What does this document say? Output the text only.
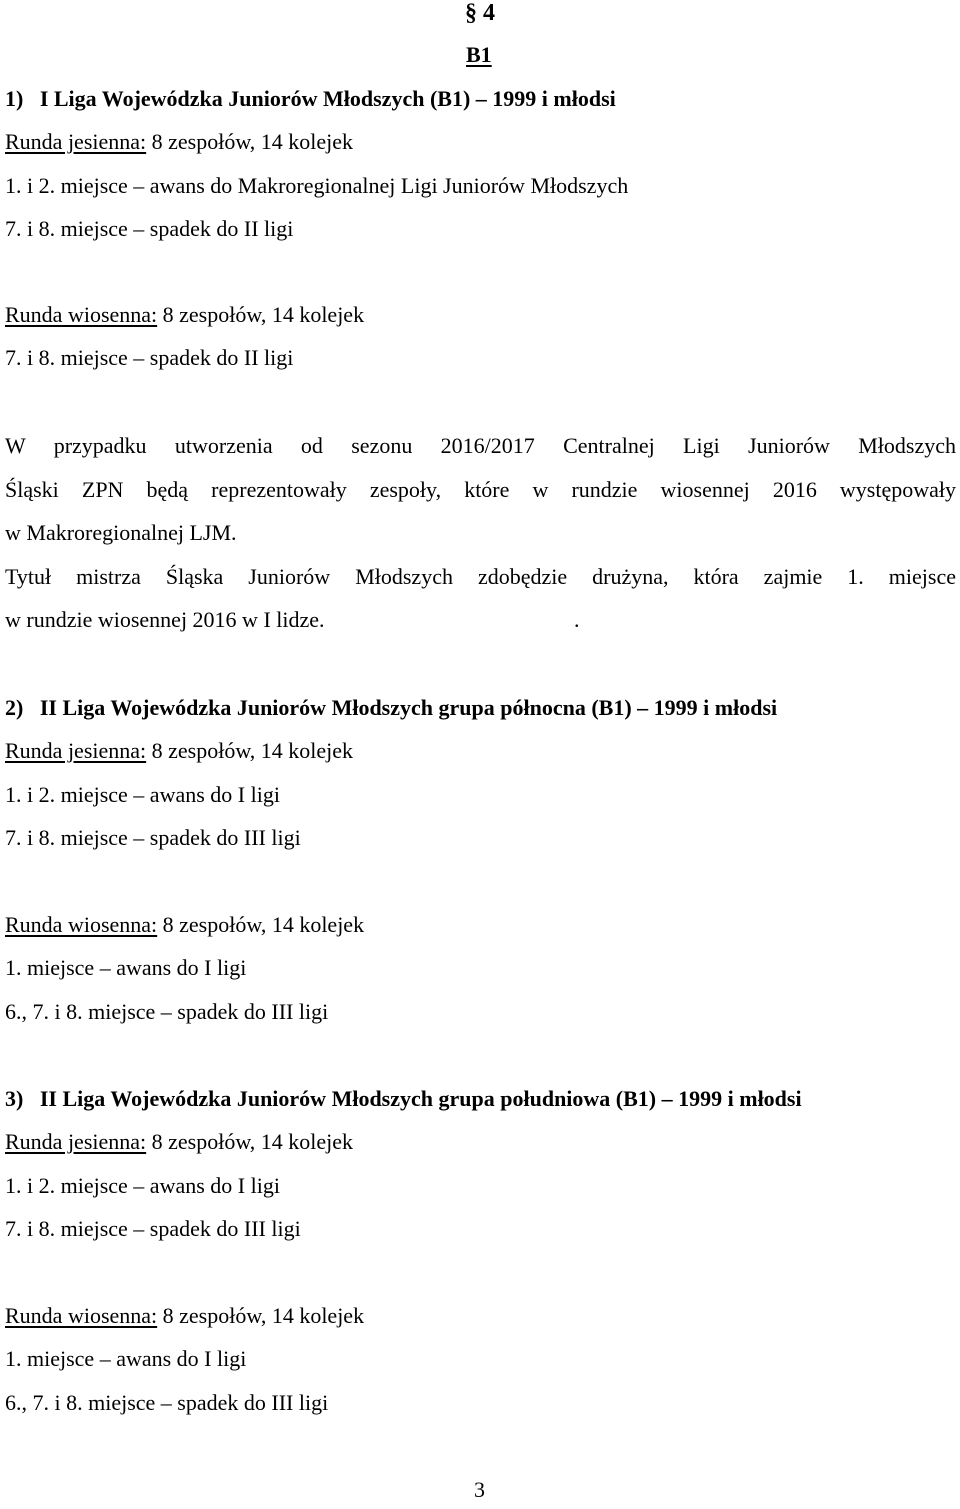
§ 4
B1
1)   I Liga Wojewódzka Juniorów Młodszych (B1) – 1999 i młodsi
Runda jesienna: 8 zespołów, 14 kolejek
1. i 2. miejsce – awans do Makroregionalnej Ligi Juniorów Młodszych
7. i 8. miejsce – spadek do II ligi
Runda wiosenna: 8 zespołów, 14 kolejek
7. i 8. miejsce – spadek do II ligi
W przypadku utworzenia od sezonu 2016/2017 Centralnej Ligi Juniorów Młodszych
Śląski ZPN będą reprezentowały zespoły, które w rundzie wiosennej 2016 występowały
w Makroregionalnej LJM.
Tytuł mistrza Śląska Juniorów Młodszych zdobędzie drużyna, która zajmie 1. miejsce
w rundzie wiosennej 2016 w I lidze.	.
2)   II Liga Wojewódzka Juniorów Młodszych grupa północna (B1) – 1999 i młodsi
Runda jesienna: 8 zespołów, 14 kolejek
1. i 2. miejsce – awans do I ligi
7. i 8. miejsce – spadek do III ligi
Runda wiosenna: 8 zespołów, 14 kolejek
1. miejsce – awans do I ligi
6., 7. i 8. miejsce – spadek do III ligi
3)   II Liga Wojewódzka Juniorów Młodszych grupa południowa (B1) – 1999 i młodsi
Runda jesienna: 8 zespołów, 14 kolejek
1. i 2. miejsce – awans do I ligi
7. i 8. miejsce – spadek do III ligi
Runda wiosenna: 8 zespołów, 14 kolejek
1. miejsce – awans do I ligi
6., 7. i 8. miejsce – spadek do III ligi
3
